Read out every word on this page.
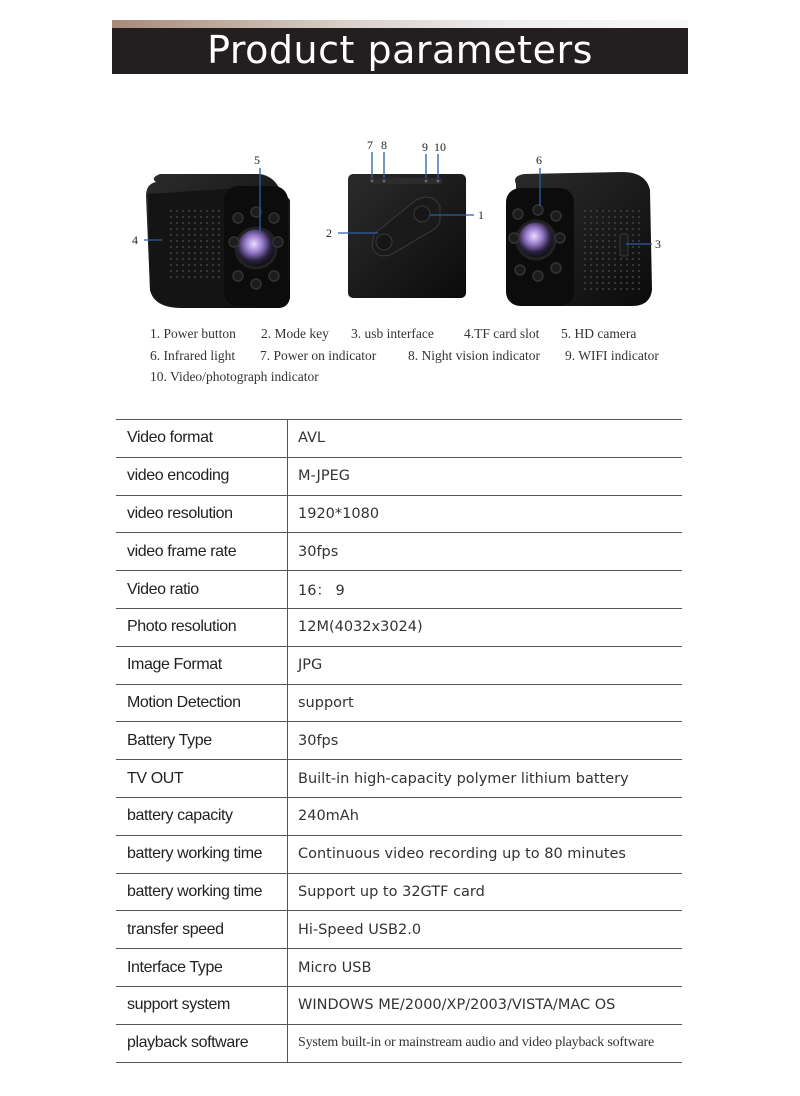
Product parameters
4
5
7 8	9 10
1
2
6
3
1. Power button 2. Mode key 3. usb interface 4.TF card slot 5. HD camera
6. Infrared light 7. Power on indicator 8. Night vision indicator 9. WIFI indicator
10. Video/photograph indicator
Video format	AVL
video encoding	M-JPEG
video resolution	1920*1080
video frame rate	30fps
Video ratio	16： 9
Photo resolution	12M(4032x3024)
Image Format	JPG
Motion Detection	support
Battery Type	30fps
TV OUT	Built-in high-capacity polymer lithium battery
battery capacity	240mAh
battery working time	Continuous video recording up to 80 minutes
battery working time	Support up to 32GTF card
transfer speed	Hi-Speed USB2.0
Interface Type	Micro USB
support system	WINDOWS ME/2000/XP/2003/VISTA/MAC OS
playback software	System built-in or mainstream audio and video playback software
